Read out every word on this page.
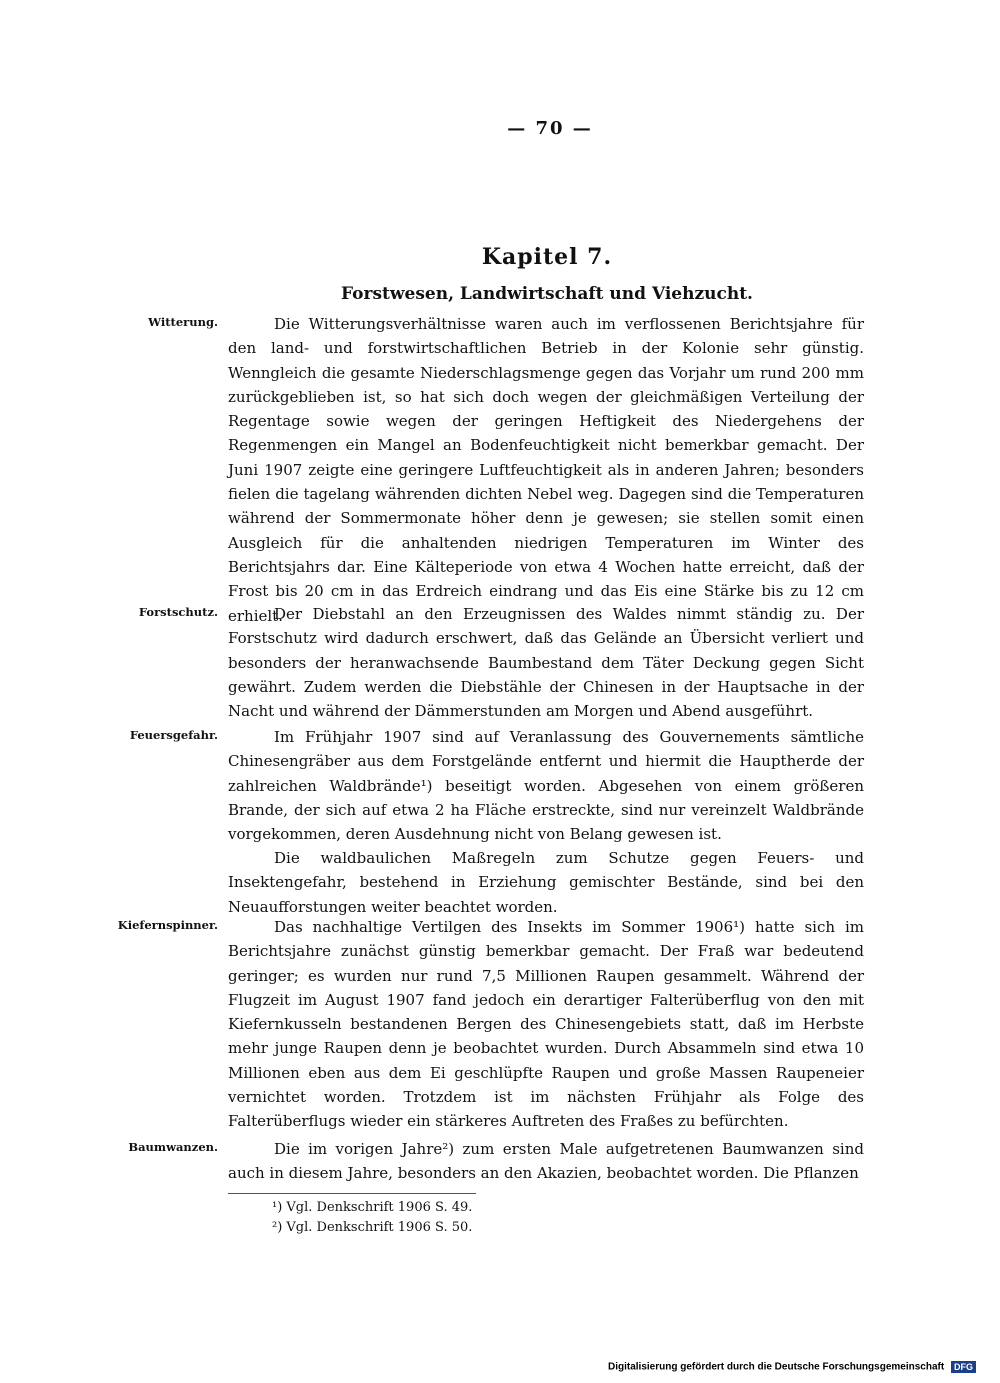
— 70 —
Kapitel 7.
Forstwesen, Landwirtschaft und Viehzucht.
Witterung.	Die Witterungsverhältnisse waren auch im verflossenen Berichtsjahre für den land- und forstwirtschaftlichen Betrieb in der Kolonie sehr günstig. Wenngleich die gesamte Niederschlagsmenge gegen das Vorjahr um rund 200 mm zurückgeblieben ist, so hat sich doch wegen der gleichmäßigen Verteilung der Regentage sowie wegen der geringen Heftigkeit des Niedergehens der Regenmengen ein Mangel an Bodenfeuchtigkeit nicht bemerkbar gemacht. Der Juni 1907 zeigte eine geringere Luftfeuchtigkeit als in anderen Jahren; besonders fielen die tagelang währenden dichten Nebel weg. Dagegen sind die Temperaturen während der Sommermonate höher denn je gewesen; sie stellen somit einen Ausgleich für die anhaltenden niedrigen Temperaturen im Winter des Berichtsjahrs dar. Eine Kälteperiode von etwa 4 Wochen hatte erreicht, daß der Frost bis 20 cm in das Erdreich eindrang und das Eis eine Stärke bis zu 12 cm erhielt.
Forstschutz.	Der Diebstahl an den Erzeugnissen des Waldes nimmt ständig zu. Der Forstschutz wird dadurch erschwert, daß das Gelände an Übersicht verliert und besonders der heranwachsende Baumbestand dem Täter Deckung gegen Sicht gewährt. Zudem werden die Diebstähle der Chinesen in der Hauptsache in der Nacht und während der Dämmerstunden am Morgen und Abend ausgeführt.
Feuersgefahr.	Im Frühjahr 1907 sind auf Veranlassung des Gouvernements sämtliche Chinesengräber aus dem Forstgelände entfernt und hiermit die Hauptherde der zahlreichen Waldbrände¹) beseitigt worden. Abgesehen von einem größeren Brande, der sich auf etwa 2 ha Fläche erstreckte, sind nur vereinzelt Waldbrände vorgekommen, deren Ausdehnung nicht von Belang gewesen ist.
Die waldbaulichen Maßregeln zum Schutze gegen Feuers- und Insektengefahr, bestehend in Erziehung gemischter Bestände, sind bei den Neuaufforstungen weiter beachtet worden.
Kiefernspinner.	Das nachhaltige Vertilgen des Insekts im Sommer 1906¹) hatte sich im Berichtsjahre zunächst günstig bemerkbar gemacht. Der Fraß war bedeutend geringer; es wurden nur rund 7,5 Millionen Raupen gesammelt. Während der Flugzeit im August 1907 fand jedoch ein derartiger Falterüberflug von den mit Kiefernkusseln bestandenen Bergen des Chinesengebiets statt, daß im Herbste mehr junge Raupen denn je beobachtet wurden. Durch Absammeln sind etwa 10 Millionen eben aus dem Ei geschlüpfte Raupen und große Massen Raupeneier vernichtet worden. Trotzdem ist im nächsten Frühjahr als Folge des Falterüberflugs wieder ein stärkeres Auftreten des Fraßes zu befürchten.
Baumwanzen.	Die im vorigen Jahre²) zum ersten Male aufgetretenen Baumwanzen sind auch in diesem Jahre, besonders an den Akazien, beobachtet worden. Die Pflanzen
¹) Vgl. Denkschrift 1906 S. 49.
²) Vgl. Denkschrift 1906 S. 50.
Digitalisierung gefördert durch die Deutsche Forschungsgemeinschaft DFG
